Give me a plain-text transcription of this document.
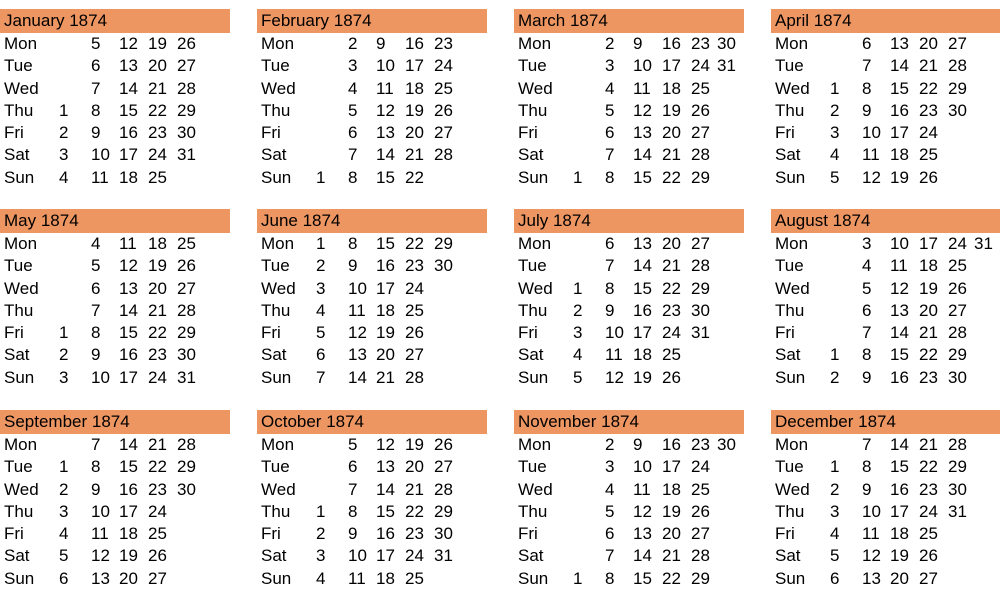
January 1874
Mon	5 12 19 26
Tue	6 13 20 27
Wed	7 14 21 28
Thu 1 8 15 22 29
Fri 2 9 16 23 30
Sat 3 10 17 24 31
Sun 4 11 18 25
February 1874
Mon	2 9 16 23
Tue	3 10 17 24
Wed	4 11 18 25
Thu	5 12 19 26
Fri	6 13 20 27
Sat	7 14 21 28
Sun 1 8 15 22
March 1874
Mon	2 9 16 23 30
Tue	3 10 17 24 31
Wed	4 11 18 25
Thu	5 12 19 26
Fri	6 13 20 27
Sat	7 14 21 28
Sun 1 8 15 22 29
April 1874
Mon	6 13 20 27
Tue	7 14 21 28
Wed 1 8 15 22 29
Thu 2 9 16 23 30
Fri 3 10 17 24
Sat 4 11 18 25
Sun 5 12 19 26
May 1874
Mon	4 11 18 25
Tue	5 12 19 26
Wed	6 13 20 27
Thu	7 14 21 28
Fri 1 8 15 22 29
Sat 2 9 16 23 30
Sun 3 10 17 24 31
June 1874
Mon 1 8 15 22 29
Tue 2 9 16 23 30
Wed 3 10 17 24
Thu 4 11 18 25
Fri 5 12 19 26
Sat 6 13 20 27
Sun 7 14 21 28
July 1874
Mon	6 13 20 27
Tue	7 14 21 28
Wed 1 8 15 22 29
Thu 2 9 16 23 30
Fri 3 10 17 24 31
Sat 4 11 18 25
Sun 5 12 19 26
August 1874
Mon	3 10 17 24 31
Tue	4 11 18 25
Wed	5 12 19 26
Thu	6 13 20 27
Fri	7 14 21 28
Sat 1 8 15 22 29
Sun 2 9 16 23 30
September 1874
Mon	7 14 21 28
Tue 1 8 15 22 29
Wed 2 9 16 23 30
Thu 3 10 17 24
Fri 4 11 18 25
Sat 5 12 19 26
Sun 6 13 20 27
October 1874
Mon	5 12 19 26
Tue	6 13 20 27
Wed	7 14 21 28
Thu 1 8 15 22 29
Fri 2 9 16 23 30
Sat 3 10 17 24 31
Sun 4 11 18 25
November 1874
Mon	2 9 16 23 30
Tue	3 10 17 24
Wed	4 11 18 25
Thu	5 12 19 26
Fri	6 13 20 27
Sat	7 14 21 28
Sun 1 8 15 22 29
December 1874
Mon	7 14 21 28
Tue 1 8 15 22 29
Wed 2 9 16 23 30
Thu 3 10 17 24 31
Fri 4 11 18 25
Sat 5 12 19 26
Sun 6 13 20 27
